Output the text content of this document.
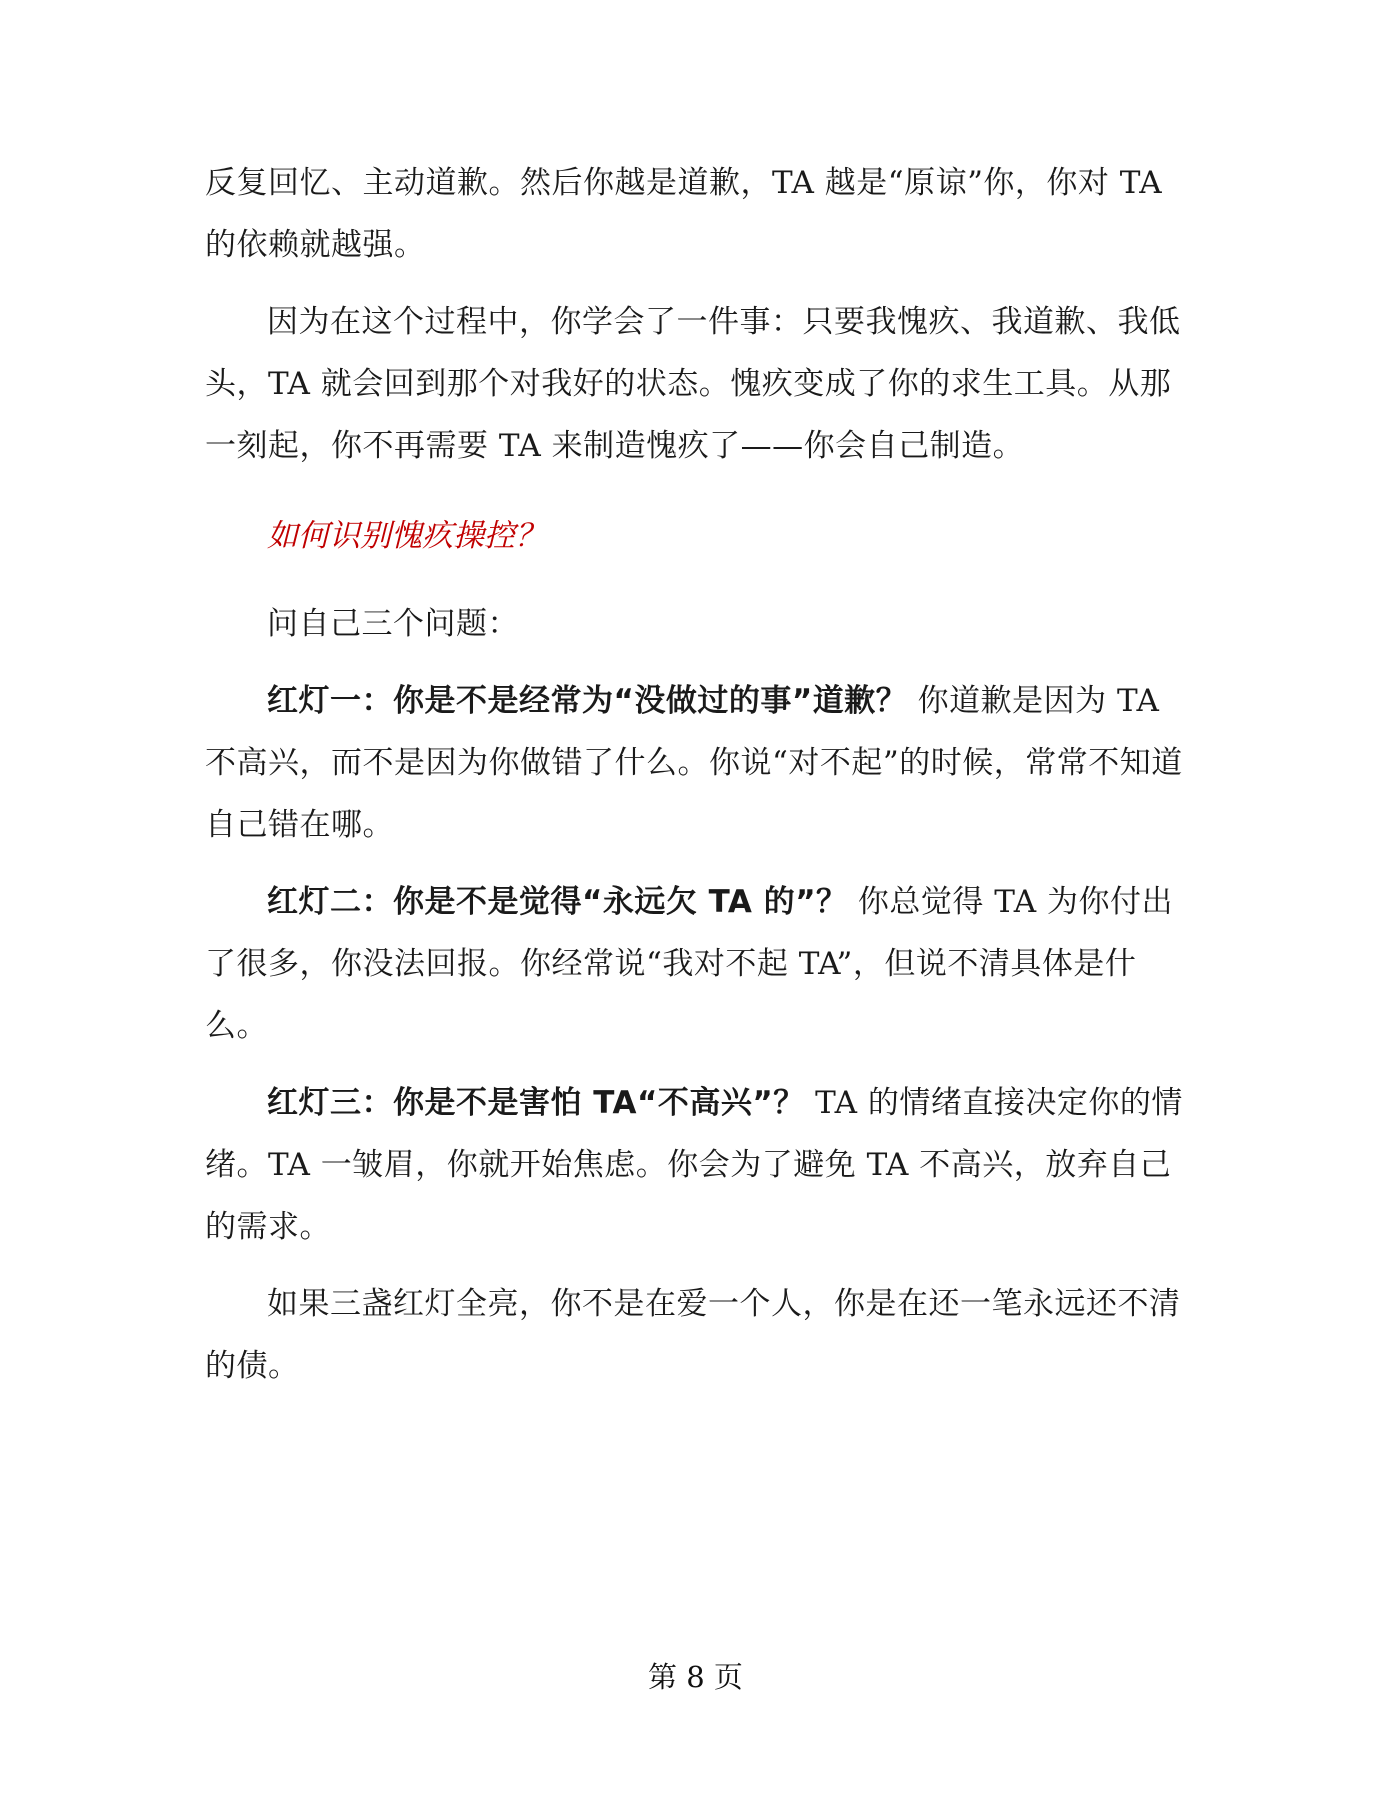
反复回忆、主动道歉。然后你越是道歉，TA 越是“原谅”你，你对 TA 的依赖就越强。

因为在这个过程中，你学会了一件事：只要我愧疚、我道歉、我低头，TA 就会回到那个对我好的状态。愧疚变成了你的求生工具。从那一刻起，你不再需要 TA 来制造愧疚了——你会自己制造。

如何识别愧疚操控？

问自己三个问题：

红灯一：你是不是经常为“没做过的事”道歉？ 你道歉是因为 TA 不高兴，而不是因为你做错了什么。你说“对不起”的时候，常常不知道自己错在哪。

红灯二：你是不是觉得“永远欠 TA 的”？ 你总觉得 TA 为你付出了很多，你没法回报。你经常说“我对不起 TA”，但说不清具体是什么。

红灯三：你是不是害怕 TA“不高兴”？ TA 的情绪直接决定你的情绪。TA 一皱眉，你就开始焦虑。你会为了避免 TA 不高兴，放弃自己的需求。

如果三盏红灯全亮，你不是在爱一个人，你是在还一笔永远还不清的债。

第 8 页
